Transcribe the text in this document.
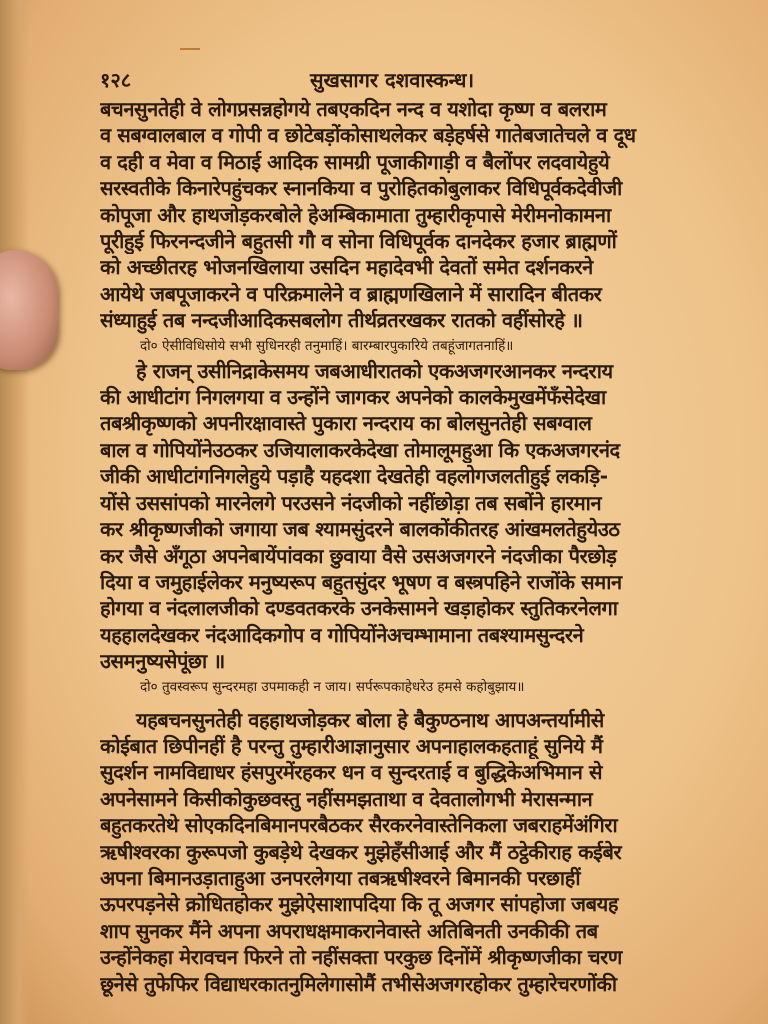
१२८	सुखसागर दशवास्कन्ध।
बचनसुनतेही वे लोगप्रसन्नहोगये तबएकदिन नन्द व यशोदा कृष्ण व बलराम
व सबग्वालबाल व गोपी व छोटेबड़ोंकोसाथलेकर बड़ेहर्षसे गातेबजातेचले व दूध
व दही व मेवा व मिठाई आदिक सामग्री पूजाकीगाड़ी व बैलोंपर लदवायेहुये
सरस्वतीके किनारेपहुंचकर स्नानकिया व पुरोहितकोबुलाकर विधिपूर्वकदेवीजी
कोपूजा और हाथजोड़करबोले हेअम्बिकामाता तुम्हारीकृपासे मेरीमनोकामना
पूरीहुई फिरनन्दजीने बहुतसी गौ व सोना विधिपूर्वक दानदेकर हजार ब्राह्मणों
को अच्छीतरह भोजनखिलाया उसदिन महादेवभी देवतों समेत दर्शनकरने
आयेथे जबपूजाकरने व परिक्रमालेने व ब्राह्मणखिलाने में सारादिन बीतकर
संध्याहुई तब नन्दजीआदिकसबलोग तीर्थव्रतरखकर रातको वहींसोरहे ॥
दो० ऐसीविधिसोये सभी सुधिनरही तनुमाहिं। बारम्बारपुकारिये तबहूंजागतनाहिं॥
हे राजन् उसीनिद्राकेसमय जबआधीरातको एकअजगरआनकर नन्दराय
की आधीटांग निगलगया व उन्होंने जागकर अपनेको कालकेमुखमेंफँसेदेखा
तबश्रीकृष्णको अपनीरक्षावास्ते पुकारा नन्दराय का बोलसुनतेही सबग्वाल
बाल व गोपियोंनेउठकर उजियालाकरकेदेखा तोमालूमहुआ कि एकअजगरनंद
जीकी आधीटांगनिगलेहुये पड़ाहै यहदशा देखतेही वहलोगजलतीहुई लकड़ि-
योंसे उससांपको मारनेलगे परउसने नंदजीको नहींछोड़ा तब सबोंने हारमान
कर श्रीकृष्णजीको जगाया जब श्यामसुंदरने बालकोंकीतरह आंखमलतेहुयेउठ
कर जैसे अँगूठा अपनेबायेंपांवका छुवाया वैसे उसअजगरने नंदजीका पैरछोड़
दिया व जमुहाईलेकर मनुष्यरूप बहुतसुंदर भूषण व बस्त्रपहिने राजोंके समान
होगया व नंदलालजीको दण्डवतकरके उनकेसामने खड़ाहोकर स्तुतिकरनेलगा
यहहालदेखकर नंदआदिकगोप व गोपियोंनेअचम्भामाना तबश्यामसुन्दरने
उसमनुष्यसेपूंछा ॥
दो० तुवस्वरूप सुन्दरमहा उपमाकही न जाय। सर्परूपकाहेधरेउ हमसे कहोबुझाय॥
यहबचनसुनतेही वहहाथजोड़कर बोला हे बैकुण्ठनाथ आपअन्तर्यामीसे
कोईबात छिपीनहीं है परन्तु तुम्हारीआज्ञानुसार अपनाहालकहताहूं सुनिये मैं
सुदर्शन नामविद्याधर हंसपुरमेंरहकर धन व सुन्दरताई व बुद्धिकेअभिमान से
अपनेसामने किसीकोकुछवस्तु नहींसमझताथा व देवतालोगभी मेरासन्मान
बहुतकरतेथे सोएकदिनबिमानपरबैठकर सैरकरनेवास्तेनिकला जबराहमेंअंगिरा
ऋषीश्वरका कुरूपजो कुबड़ेथे देखकर मुझेहँसीआई और मैं ठट्ठेकीराह कईबेर
अपना बिमानउड़ाताहुआ उनपरलेगया तबऋषीश्वरने बिमानकी परछाहीं
ऊपरपड़नेसे क्रोधितहोकर मुझेऐसाशापदिया कि तू अजगर सांपहोजा जबयह
शाप सुनकर मैंने अपना अपराधक्षमाकरानेवास्ते अतिबिनती उनकीकी तब
उन्होंनेकहा मेरावचन फिरने तो नहींसक्ता परकुछ दिनोंमें श्रीकृष्णजीका चरण
छूनेसे तुफेफिर विद्याधरकातनुमिलेगासोमैं तभीसेअजगरहोकर तुम्हारेचरणोंकी
